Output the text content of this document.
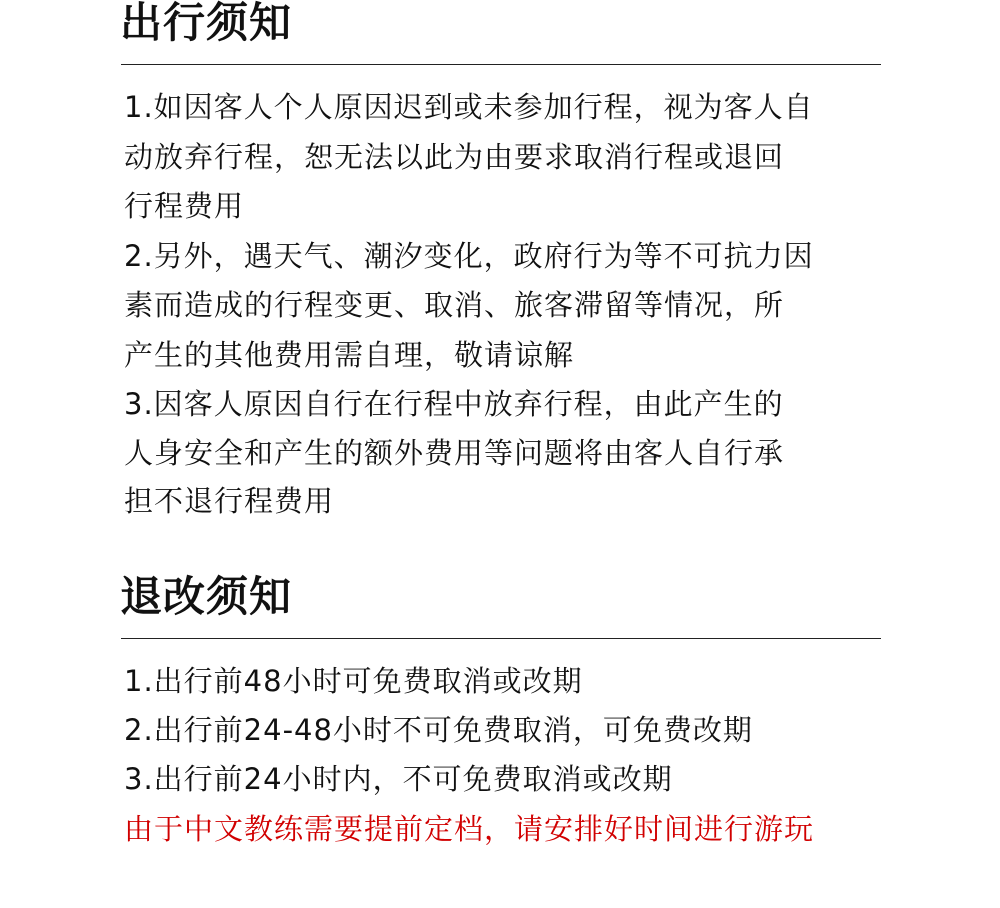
出行须知

1.如因客人个人原因迟到或未参加行程，视为客人自

动放弃行程，恕无法以此为由要求取消行程或退回

行程费用

2.另外，遇天气、潮汐变化，政府行为等不可抗力因

素而造成的行程变更、取消、旅客滞留等情况，所

产生的其他费用需自理，敬请谅解

3.因客人原因自行在行程中放弃行程，由此产生的

人身安全和产生的额外费用等问题将由客人自行承

担不退行程费用

退改须知

1.出行前48小时可免费取消或改期

2.出行前24-48小时不可免费取消，可免费改期

3.出行前24小时内，不可免费取消或改期

由于中文教练需要提前定档，请安排好时间进行游玩
